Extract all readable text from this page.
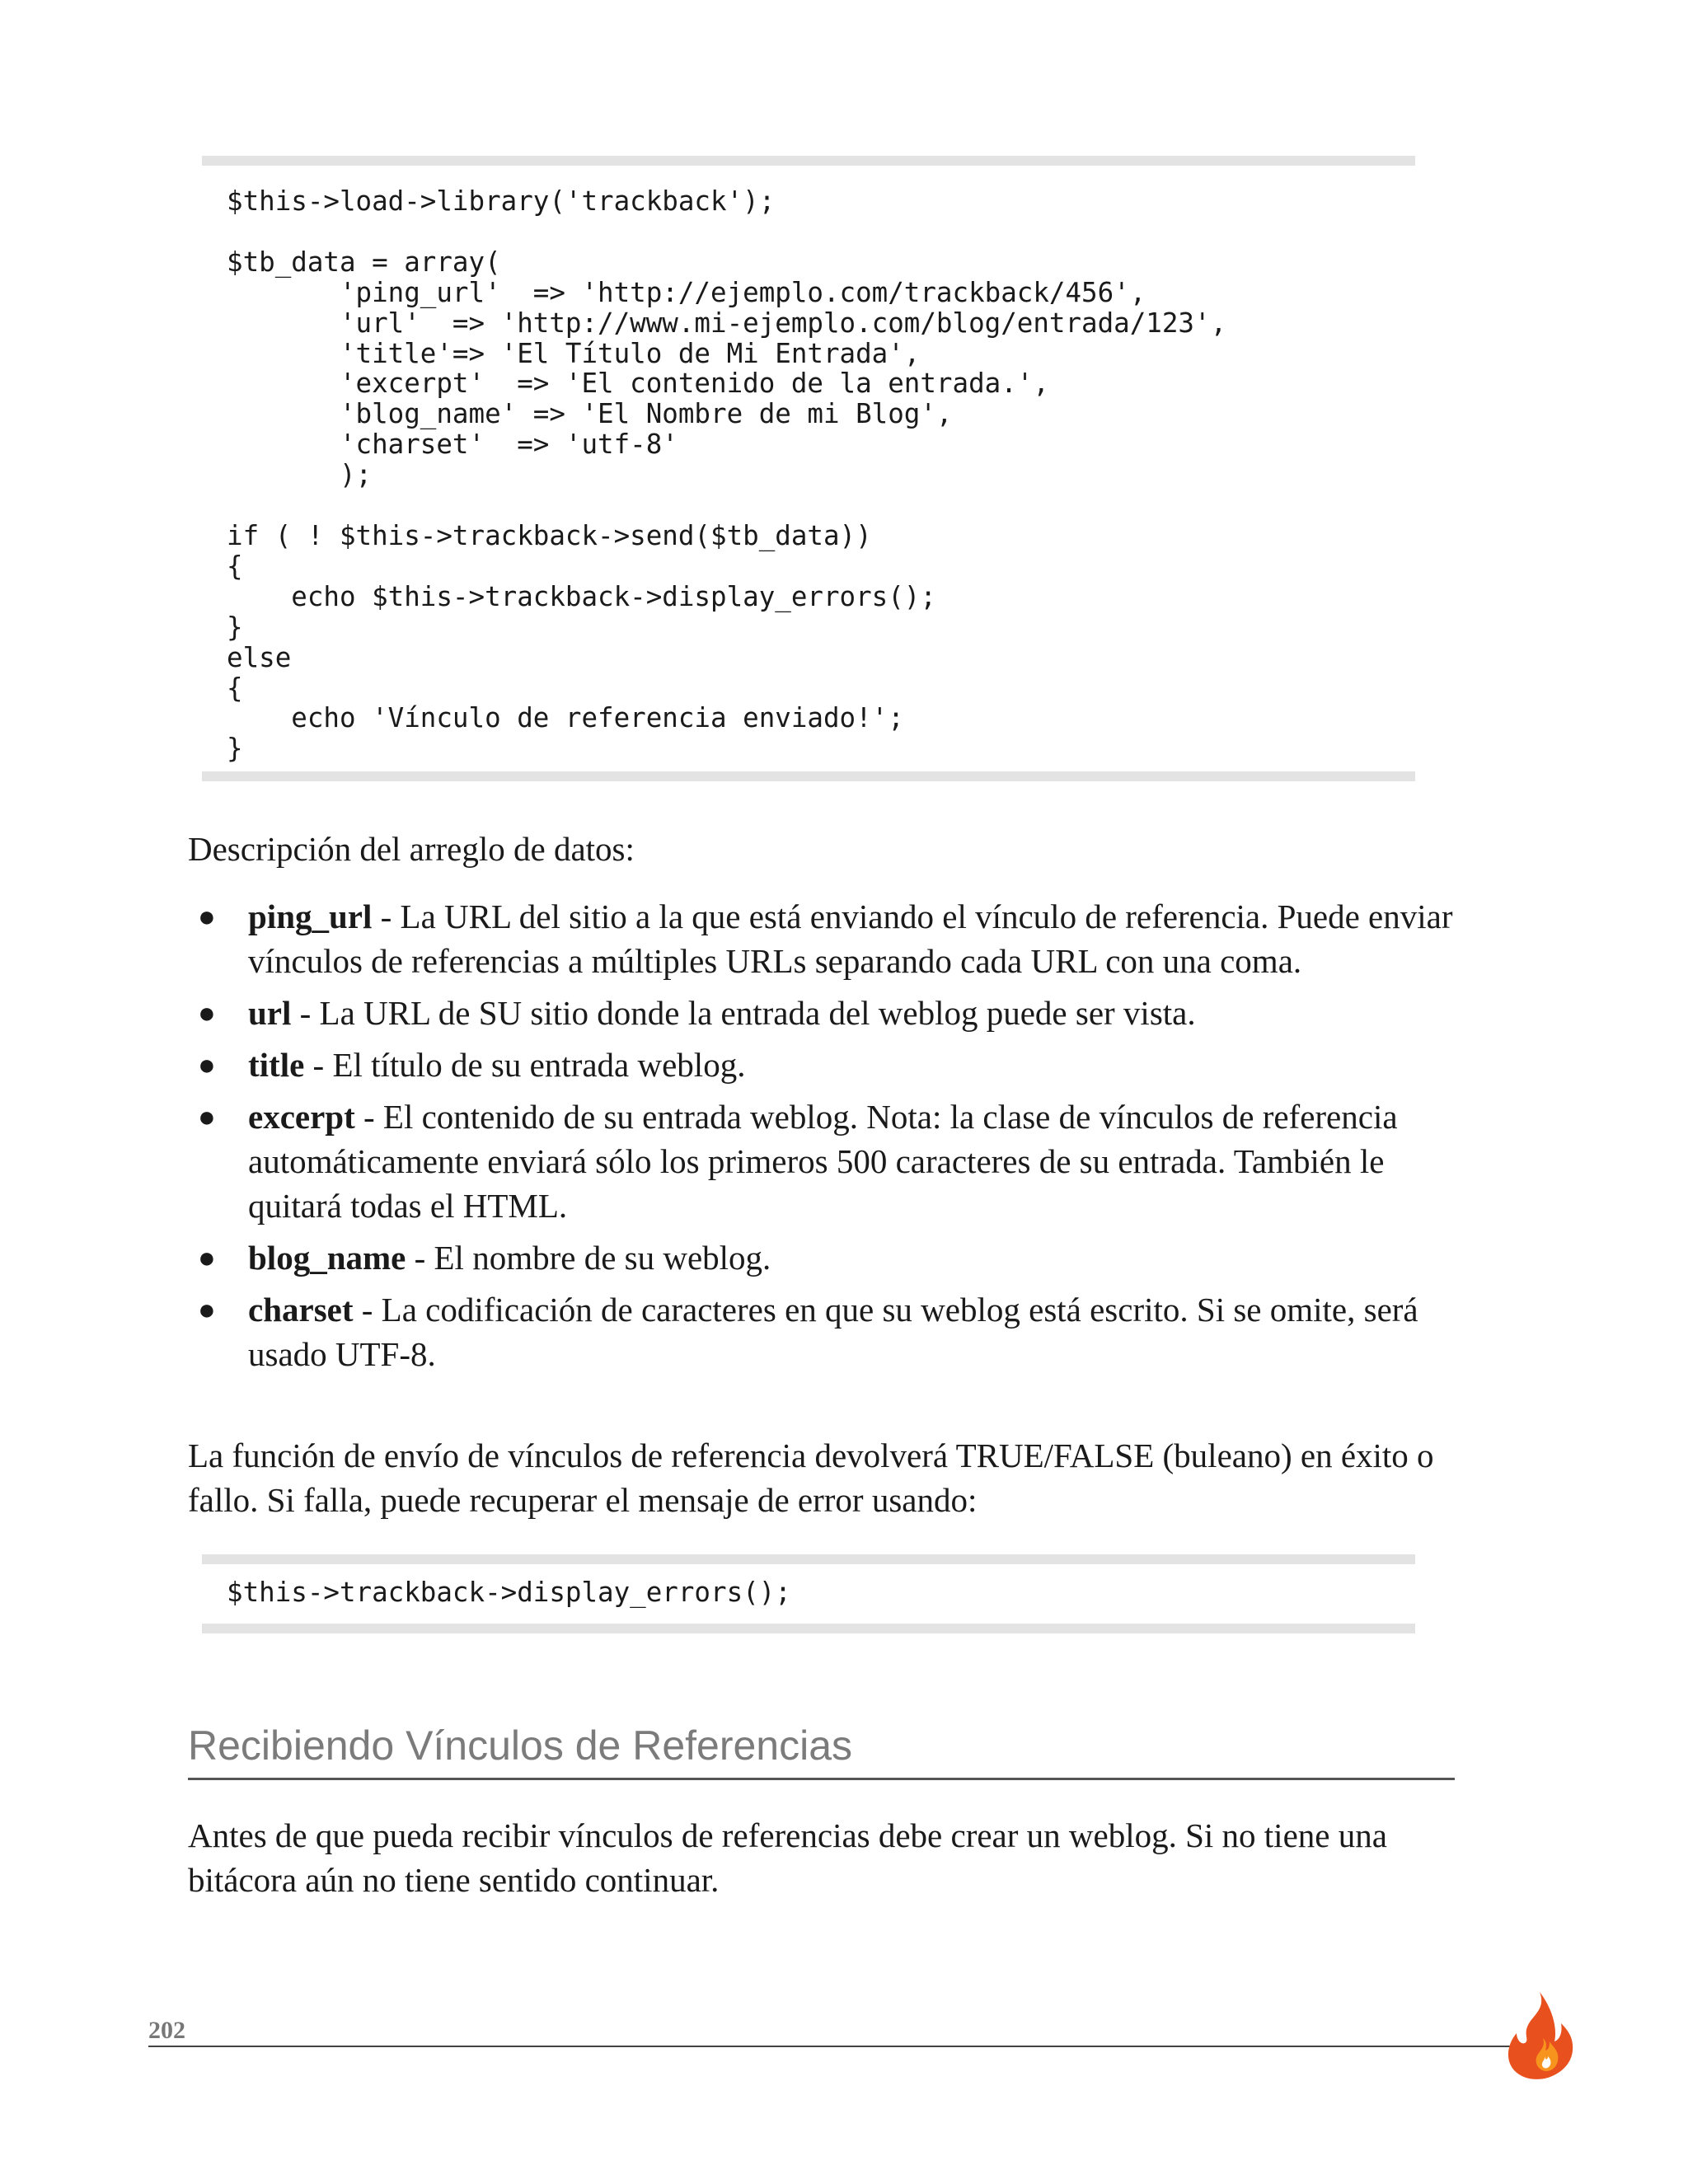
$this->load->library('trackback');

$tb_data = array(
'ping_url'  => 'http://ejemplo.com/trackback/456',
'url'  => 'http://www.mi-ejemplo.com/blog/entrada/123',
'title'=> 'El Título de Mi Entrada',
'excerpt'  => 'El contenido de la entrada.',
'blog_name' => 'El Nombre de mi Blog',
'charset'  => 'utf-8'
);

if ( ! $this->trackback->send($tb_data))
{
echo $this->trackback->display_errors();
}
else
{
echo 'Vínculo de referencia enviado!';
}

Descripción del arreglo de datos:

● ping_url - La URL del sitio a la que está enviando el vínculo de referencia. Puede enviar vínculos de referencias a múltiples URLs separando cada URL con una coma.
● url - La URL de SU sitio donde la entrada del weblog puede ser vista.
● title - El título de su entrada weblog.
● excerpt - El contenido de su entrada weblog. Nota: la clase de vínculos de referencia automáticamente enviará sólo los primeros 500 caracteres de su entrada. También le quitará todas el HTML.
● blog_name - El nombre de su weblog.
● charset - La codificación de caracteres en que su weblog está escrito. Si se omite, será usado UTF-8.

La función de envío de vínculos de referencia devolverá TRUE/FALSE (buleano) en éxito o fallo. Si falla, puede recuperar el mensaje de error usando:

$this->trackback->display_errors();
Recibiendo Vínculos de Referencias

Antes de que pueda recibir vínculos de referencias debe crear un weblog. Si no tiene una bitácora aún no tiene sentido continuar.

202
